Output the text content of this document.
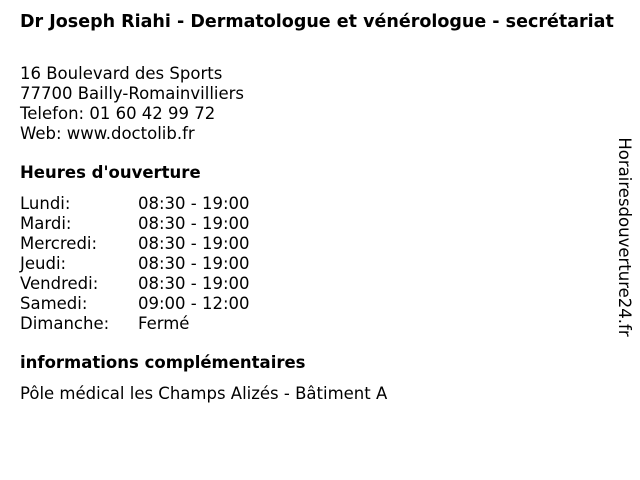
Dr Joseph Riahi - Dermatologue et vénérologue - secrétariat
16 Boulevard des Sports
77700 Bailly-Romainvilliers
Telefon: 01 60 42 99 72
Web: www.doctolib.fr
Heures d'ouverture
Lundi:	08:30 - 19:00
Mardi:	08:30 - 19:00
Mercredi:	08:30 - 19:00
Jeudi:	08:30 - 19:00
Vendredi:	08:30 - 19:00
Samedi:	09:00 - 12:00
Dimanche:	Fermé
informations complémentaires
Pôle médical les Champs Alizés - Bâtiment A
Horairesdouverture24.fr
